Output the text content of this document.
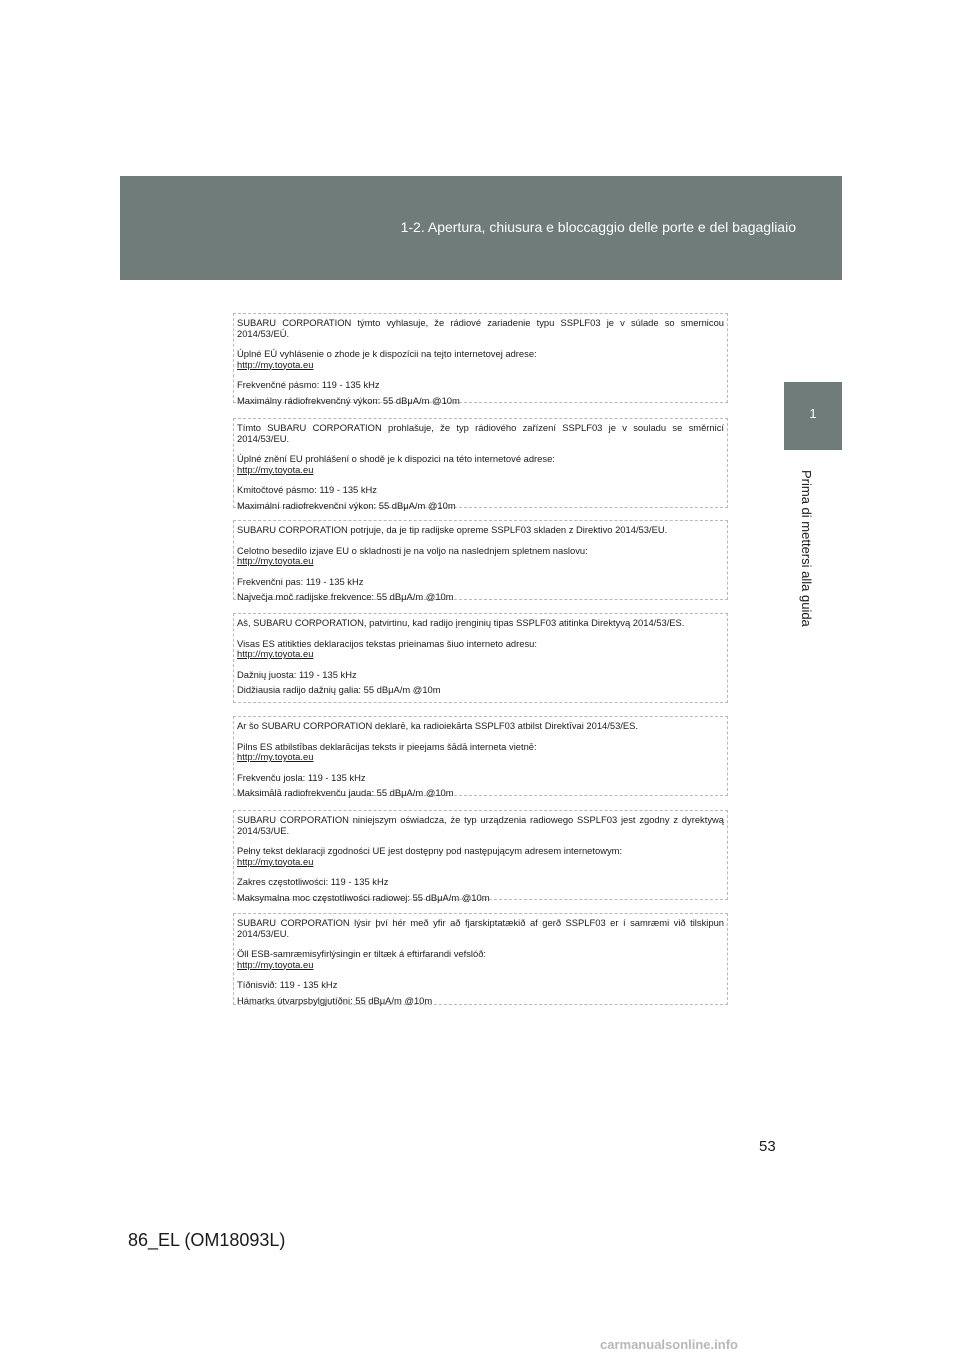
1-2. Apertura, chiusura e bloccaggio delle porte e del bagagliaio
1
Prima di mettersi alla guida

SUBARU CORPORATION týmto vyhlasuje, že rádiové zariadenie typu SSPLF03 je v súlade so smernicou 2014/53/EÚ.

Úplné EÚ vyhlásenie o zhode je k dispozícii na tejto internetovej adrese:

http://my.toyota.eu

Frekvenčné pásmo: 119 - 135 kHz

Maximálny rádiofrekvenčný výkon: 55 dBμA/m @10m

Tímto SUBARU CORPORATION prohlašuje, že typ rádiového zařízení SSPLF03 je v souladu se směrnicí 2014/53/EU.

Úplné znění EU prohlášení o shodě je k dispozici na této internetové adrese:

http://my.toyota.eu

Kmitočtové pásmo: 119 - 135 kHz

Maximální radiofrekvenční výkon: 55 dBμA/m @10m

SUBARU CORPORATION potrjuje, da je tip radijske opreme SSPLF03 skladen z Direktivo 2014/53/EU.

Celotno besedilo izjave EU o skladnosti je na voljo na naslednjem spletnem naslovu:

http://my.toyota.eu

Frekvenčni pas: 119 - 135 kHz

Največja moč radijske frekvence: 55 dBμA/m @10m

Aš, SUBARU CORPORATION, patvirtinu, kad radijo įrenginių tipas SSPLF03 atitinka Direktyvą 2014/53/ES.

Visas ES atitikties deklaracijos tekstas prieinamas šiuo interneto adresu:

http://my.toyota.eu

Dažnių juosta: 119 - 135 kHz

Didžiausia radijo dažnių galia: 55 dBμA/m @10m

Ar šo SUBARU CORPORATION deklarē, ka radioiekārta SSPLF03 atbilst Direktīvai 2014/53/ES.

Pilns ES atbilstības deklarācijas teksts ir pieejams šādā interneta vietnē:

http://my.toyota.eu

Frekvenču josla: 119 - 135 kHz

Maksimālā radiofrekvenču jauda: 55 dBμA/m @10m

SUBARU CORPORATION niniejszym oświadcza, że typ urządzenia radiowego SSPLF03 jest zgodny z dyrektywą 2014/53/UE.

Pełny tekst deklaracji zgodności UE jest dostępny pod następującym adresem internetowym:

http://my.toyota.eu

Zakres częstotliwości: 119 - 135 kHz

Maksymalna moc częstotliwości radiowej: 55 dBμA/m @10m

SUBARU CORPORATION lýsir því hér með yfir að fjarskiptatækið af gerð SSPLF03 er í samræmi við tilskipun 2014/53/EU.

Öll ESB-samræmisyfirlýsingin er tiltæk á eftirfarandi vefslóð:

http://my.toyota.eu

Tíðnisvið: 119 - 135 kHz

Hámarks útvarpsbylgjutíðni: 55 dBμA/m @10m

53
86_EL (OM18093L)
carmanualsonline.info
